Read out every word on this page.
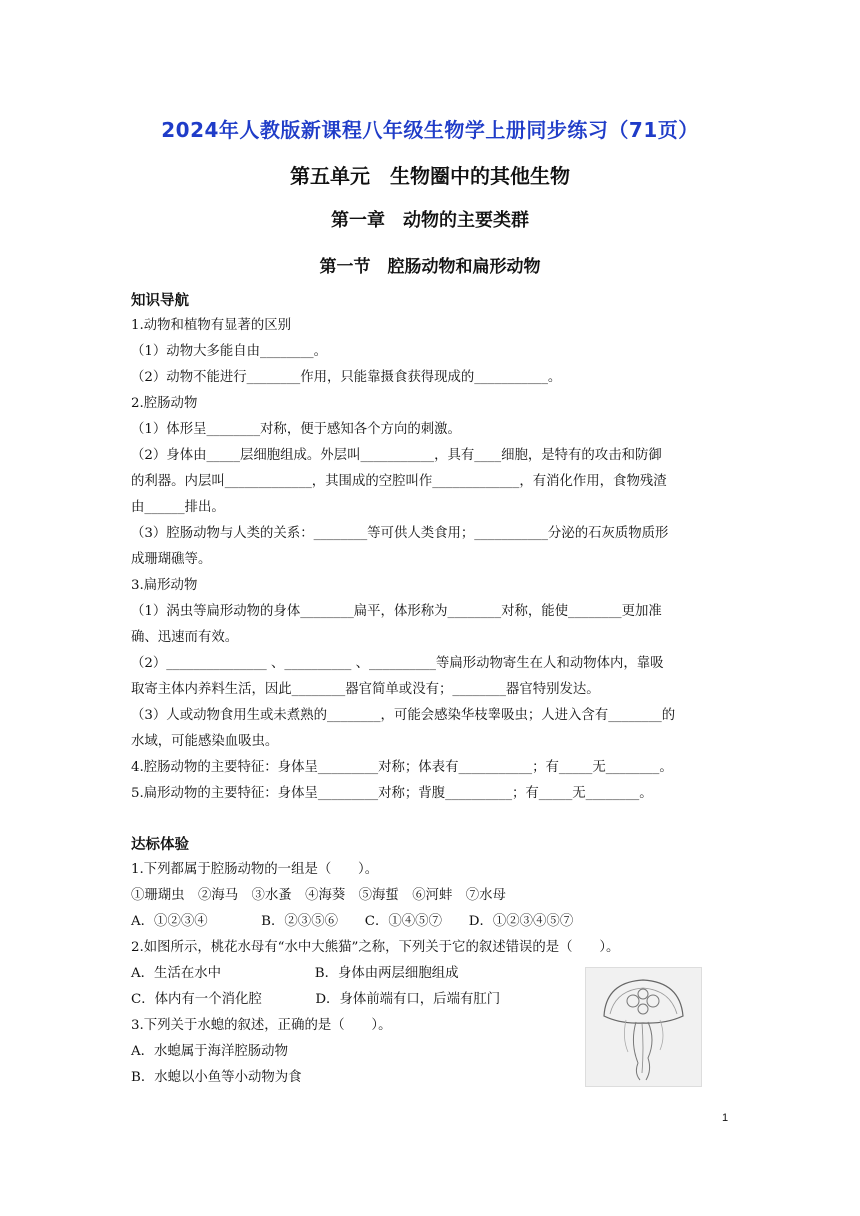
2024年人教版新课程八年级生物学上册同步练习（71页）
第五单元　生物圈中的其他生物
第一章　动物的主要类群
第一节　腔肠动物和扁形动物
知识导航
1.动物和植物有显著的区别
（1）动物大多能自由________。
（2）动物不能进行________作用，只能靠摄食获得现成的___________。
2.腔肠动物
（1）体形呈________对称，便于感知各个方向的刺激。
（2）身体由_____层细胞组成。外层叫___________，具有____细胞，是特有的攻击和防御
的利器。内层叫_____________，其围成的空腔叫作_____________，有消化作用，食物残渣
由______排出。
（3）腔肠动物与人类的关系：________等可供人类食用；___________分泌的石灰质物质形
成珊瑚礁等。
3.扁形动物
（1）涡虫等扁形动物的身体________扁平，体形称为________对称，能使________更加准
确、迅速而有效。
（2）_______________ 、__________ 、__________等扁形动物寄生在人和动物体内，靠吸
取寄主体内养料生活，因此________器官简单或没有；________器官特别发达。
（3）人或动物食用生或未煮熟的________，可能会感染华枝睾吸虫；人进入含有________的
水域，可能感染血吸虫。
4.腔肠动物的主要特征：身体呈_________对称；体表有___________；有_____无________。
5.扁形动物的主要特征：身体呈_________对称；背腹__________；有_____无________。
达标体验
1.下列都属于腔肠动物的一组是（　　）。
①珊瑚虫　②海马　③水蚤　④海葵　⑤海蜇　⑥河蚌　⑦水母
A．①②③④　　　　B．②③⑤⑥　　C．①④⑤⑦　　D．①②③④⑤⑦
2.如图所示，桃花水母有“水中大熊猫”之称，下列关于它的叙述错误的是（　　）。
A．生活在水中　　　　　　　B．身体由两层细胞组成
C．体内有一个消化腔　　　　D．身体前端有口，后端有肛门
3.下列关于水螅的叙述，正确的是（　　）。
A．水螅属于海洋腔肠动物
B．水螅以小鱼等小动物为食
1
